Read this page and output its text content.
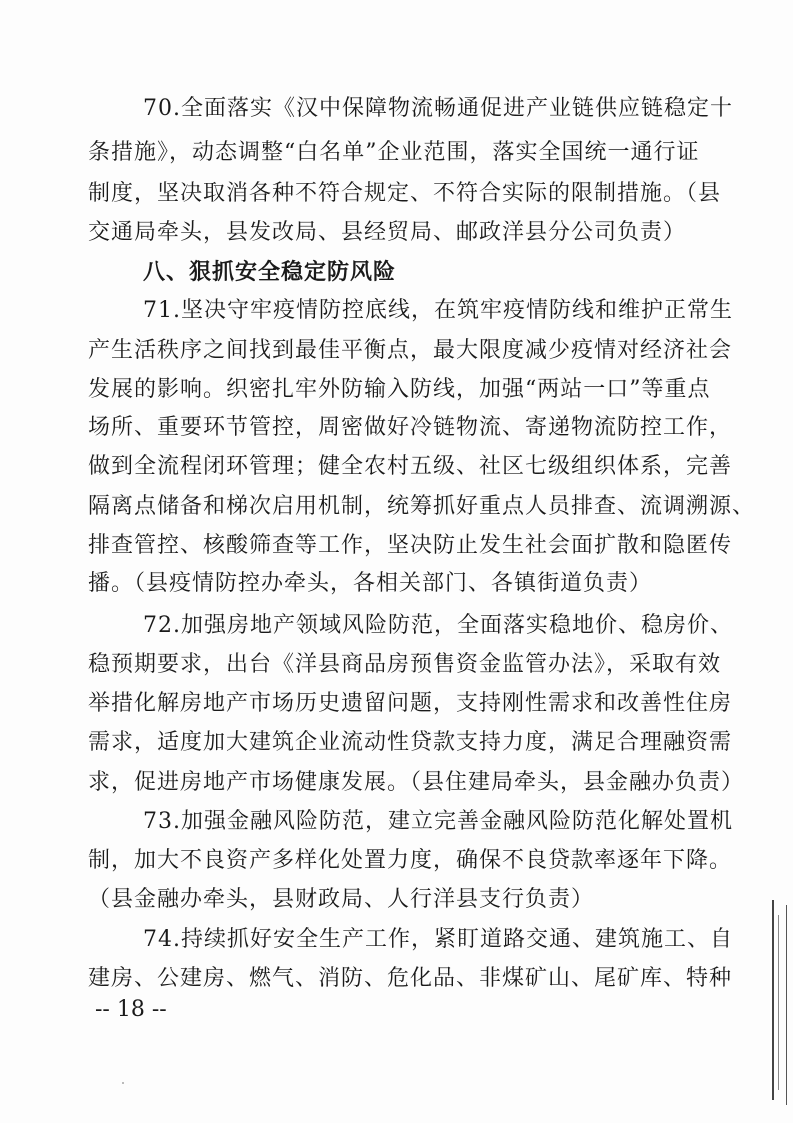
70.全面落实《汉中保障物流畅通促进产业链供应链稳定十
条措施》，动态调整“白名单”企业范围，落实全国统一通行证
制度，坚决取消各种不符合规定、不符合实际的限制措施。（县
交通局牵头，县发改局、县经贸局、邮政洋县分公司负责）
八、狠抓安全稳定防风险
71.坚决守牢疫情防控底线，在筑牢疫情防线和维护正常生
产生活秩序之间找到最佳平衡点，最大限度减少疫情对经济社会
发展的影响。织密扎牢外防输入防线，加强“两站一口”等重点
场所、重要环节管控，周密做好冷链物流、寄递物流防控工作，
做到全流程闭环管理；健全农村五级、社区七级组织体系，完善
隔离点储备和梯次启用机制，统筹抓好重点人员排查、流调溯源、
排查管控、核酸筛查等工作，坚决防止发生社会面扩散和隐匿传
播。（县疫情防控办牵头，各相关部门、各镇街道负责）
72.加强房地产领域风险防范，全面落实稳地价、稳房价、
稳预期要求，出台《洋县商品房预售资金监管办法》，采取有效
举措化解房地产市场历史遗留问题，支持刚性需求和改善性住房
需求，适度加大建筑企业流动性贷款支持力度，满足合理融资需
求，促进房地产市场健康发展。（县住建局牵头，县金融办负责）
73.加强金融风险防范，建立完善金融风险防范化解处置机
制，加大不良资产多样化处置力度，确保不良贷款率逐年下降。
（县金融办牵头，县财政局、人行洋县支行负责）
74.持续抓好安全生产工作，紧盯道路交通、建筑施工、自
建房、公建房、燃气、消防、危化品、非煤矿山、尾矿库、特种
-- 18 --
